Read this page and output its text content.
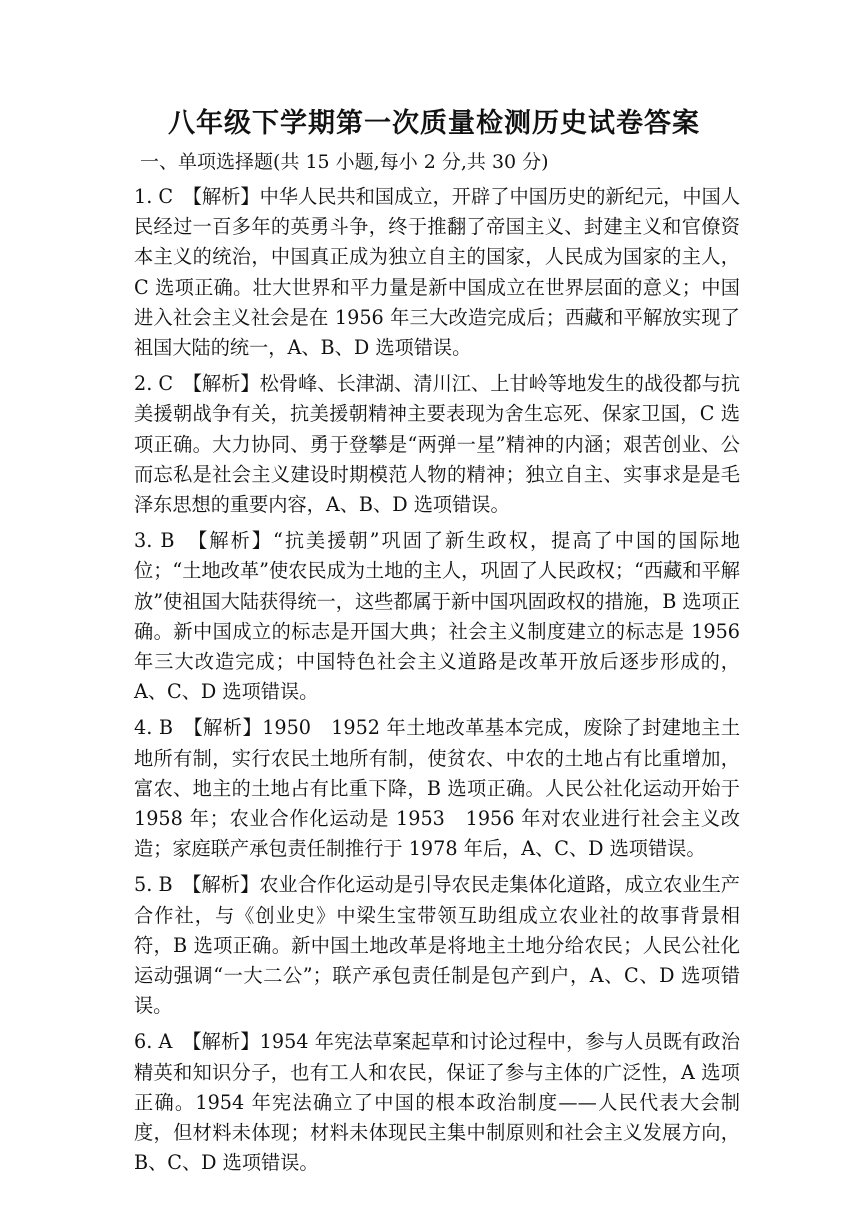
八年级下学期第一次质量检测历史试卷答案
一、单项选择题(共 15 小题,每小 2 分,共 30 分)

1. C　 【解析】中华人民共和国成立，开辟了中国历史的新纪元，中国人民经过一百多年的英勇斗争，终于推翻了帝国主义、封建主义和官僚资本主义的统治，中国真正成为独立自主的国家，人民成为国家的主人，C 选项正确。壮大世界和平力量是新中国成立在世界层面的意义；中国进入社会主义社会是在 1956 年三大改造完成后；西藏和平解放实现了祖国大陆的统一，A、B、D 选项错误。

2. C　 【解析】松骨峰、长津湖、清川江、上甘岭等地发生的战役都与抗美援朝战争有关，抗美援朝精神主要表现为舍生忘死、保家卫国，C 选项正确。大力协同、勇于登攀是“两弹一星”精神的内涵；艰苦创业、公而忘私是社会主义建设时期模范人物的精神；独立自主、实事求是是毛泽东思想的重要内容，A、B、D 选项错误。

3. B　 【解析】“抗美援朝”巩固了新生政权，提高了中国的国际地位；“土地改革”使农民成为土地的主人，巩固了人民政权；“西藏和平解放”使祖国大陆获得统一，这些都属于新中国巩固政权的措施，B 选项正确。新中国成立的标志是开国大典；社会主义制度建立的标志是 1956 年三大改造完成；中国特色社会主义道路是改革开放后逐步形成的，A、C、D 选项错误。

4. B　 【解析】1950　1952 年土地改革基本完成，废除了封建地主土地所有制，实行农民土地所有制，使贫农、中农的土地占有比重增加，富农、地主的土地占有比重下降，B 选项正确。人民公社化运动开始于 1958 年；农业合作化运动是 1953　1956 年对农业进行社会主义改造；家庭联产承包责任制推行于 1978 年后，A、C、D 选项错误。

5. B　 【解析】农业合作化运动是引导农民走集体化道路，成立农业生产合作社，与《创业史》中梁生宝带领互助组成立农业社的故事背景相符，B 选项正确。新中国土地改革是将地主土地分给农民；人民公社化运动强调“一大二公”；联产承包责任制是包产到户，A、C、D 选项错误。

6. A　 【解析】1954 年宪法草案起草和讨论过程中，参与人员既有政治精英和知识分子，也有工人和农民，保证了参与主体的广泛性，A 选项正确。1954 年宪法确立了中国的根本政治制度——人民代表大会制度，但材料未体现；材料未体现民主集中制原则和社会主义发展方向，B、C、D 选项错误。
